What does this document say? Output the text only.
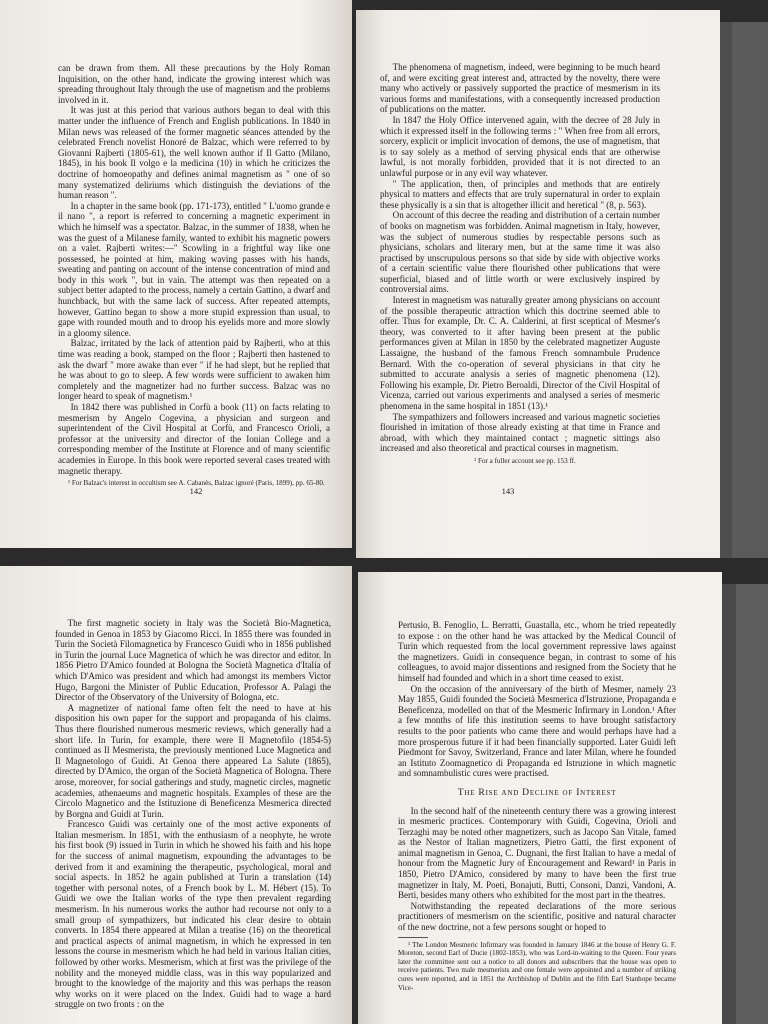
can be drawn from them. All these precautions by the Holy Roman Inquisition, on the other hand, indicate the growing interest which was spreading throughout Italy through the use of magnetism and the problems involved in it.

It was just at this period that various authors began to deal with this matter under the influence of French and English publications. In 1840 in Milan news was released of the former magnetic séances attended by the celebrated French novelist Honoré de Balzac, which were referred to by Giovanni Rajberti (1805-61), the well known author if Il Gatto (Milano, 1845), in his book Il volgo e la medicina (10) in which he criticizes the doctrine of homoeopathy and defines animal magnetism as " one of so many systematized deliriums which distinguish the deviations of the human reason ".

In a chapter in the same book (pp. 171-173), entitled " L'uomo grande e il nano ", a report is referred to concerning a magnetic experiment in which he himself was a spectator. Balzac, in the summer of 1838, when he was the guest of a Milanese family, wanted to exhibit his magnetic powers on a valet. Rajberti writes:—" Scowling in a frightful way like one possessed, he pointed at him, making waving passes with his hands, sweating and panting on account of the intense concentration of mind and body in this work ", but in vain. The attempt was then repeated on a subject better adapted to the process, namely a certain Gattino, a dwarf and hunchback, but with the same lack of success. After repeated attempts, however, Gattino began to show a more stupid expression than usual, to gape with rounded mouth and to droop his eyelids more and more slowly in a gloomy silence.

Balzac, irritated by the lack of attention paid by Rajberti, who at this time was reading a book, stamped on the floor ; Rajberti then hastened to ask the dwarf " more awake than ever " if he had slept, but he replied that he was about to go to sleep. A few words were sufficient to awaken him completely and the magnetizer had no further success. Balzac was no longer heard to speak of magnetism.¹

In 1842 there was published in Corfù a book (11) on facts relating to mesmerism by Angelo Cogevina, a physician and surgeon and superintendent of the Civil Hospital at Corfù, and Francesco Orioli, a professor at the university and director of the Ionian College and a corresponding member of the Institute at Florence and of many scientific academies in Europe. In this book were reported several cases treated with magnetic therapy.

¹ For Balzac's interest in occultism see A. Cabanès, Balzac ignoré (Paris, 1899), pp. 65-80.
142

The phenomena of magnetism, indeed, were beginning to be much heard of, and were exciting great interest and, attracted by the novelty, there were many who actively or passively supported the practice of mesmerism in its various forms and manifestations, with a consequently increased production of publications on the matter.

In 1847 the Holy Office intervened again, with the decree of 28 July in which it expressed itself in the following terms : " When free from all errors, sorcery, explicit or implicit invocation of demons, the use of magnetism, that is to say solely as a method of serving physical ends that are otherwise lawful, is not morally forbidden, provided that it is not directed to an unlawful purpose or in any evil way whatever.

" The application, then, of principles and methods that are entirely physical to matters and effects that are truly supernatural in order to explain these physically is a sin that is altogether illicit and heretical " (8, p. 563).

On account of this decree the reading and distribution of a certain number of books on magnetism was forbidden. Animal magnetism in Italy, however, was the subject of numerous studies by respectable persons such as physicians, scholars and literary men, but at the same time it was also practised by unscrupulous persons so that side by side with objective works of a certain scientific value there flourished other publications that were superficial, biased and of little worth or were exclusively inspired by controversial aims.

Interest in magnetism was naturally greater among physicians on account of the possible therapeutic attraction which this doctrine seemed able to offer. Thus for example, Dr. C. A. Calderini, at first sceptical of Mesmer's theory, was converted to it after having been present at the public performances given at Milan in 1850 by the celebrated magnetizer Auguste Lassaigne, the husband of the famous French somnambule Prudence Bernard. With the co-operation of several physicians in that city he submitted to accurate analysis a series of magnetic phenomena (12). Following his example, Dr. Pietro Beroaldi, Director of the Civil Hospital of Vicenza, carried out various experiments and analysed a series of mesmeric phenomena in the same hospital in 1851 (13).¹

The sympathizers and followers increased and various magnetic societies flourished in imitation of those already existing at that time in France and abroad, with which they maintained contact ; magnetic sittings also increased and also theoretical and practical courses in magnetism.

¹ For a fuller account see pp. 153 ff.
143

The first magnetic society in Italy was the Società Bio-Magnetica, founded in Genoa in 1853 by Giacomo Ricci. In 1855 there was founded in Turin the Società Filomagnetica by Francesco Guidi who in 1856 published in Turin the journal Luce Magnetica of which he was director and editor. In 1856 Pietro D'Amico founded at Bologna the Società Magnetica d'Italia of which D'Amico was president and which had amongst its members Victor Hugo, Bargoni the Minister of Public Education, Professor A. Palagi the Director of the Observatory of the University of Bologna, etc.

A magnetizer of national fame often felt the need to have at his disposition his own paper for the support and propaganda of his claims. Thus there flourished numerous mesmeric reviews, which generally had a short life. In Turin, for example, there were Il Magnetofilo (1854-5) continued as Il Mesmerista, the previously mentioned Luce Magnetica and Il Magnetologo of Guidi. At Genoa there appeared La Salute (1865), directed by D'Amico, the organ of the Società Magnetica of Bologna. There arose, moreover, for social gatherings and study, magnetic circles, magnetic academies, athenaeums and magnetic hospitals. Examples of these are the Circolo Magnetico and the Istituzione di Beneficenza Mesmerica directed by Borgna and Guidi at Turin.

Francesco Guidi was certainly one of the most active exponents of Italian mesmerism. In 1851, with the enthusiasm of a neophyte, he wrote his first book (9) issued in Turin in which he showed his faith and his hope for the success of animal magnetism, expounding the advantages to be derived from it and examining the therapeutic, psychological, moral and social aspects. In 1852 he again published at Turin a translation (14) together with personal notes, of a French book by L. M. Hébert (15). To Guidi we owe the Italian works of the type then prevalent regarding mesmerism. In his numerous works the author had recourse not only to a small group of sympathizers, but indicated his clear desire to obtain converts. In 1854 there appeared at Milan a treatise (16) on the theoretical and practical aspects of animal magnetism, in which he expressed in ten lessons the course in mesmerism which he had held in various Italian cities, followed by other works. Mesmerism, which at first was the privilege of the nobility and the moneyed middle class, was in this way popularized and brought to the knowledge of the majority and this was perhaps the reason why works on it were placed on the Index. Guidi had to wage a hard struggle on two fronts : on the

Pertusio, B. Fenoglio, L. Berratti, Guastalla, etc., whom he tried repeatedly to expose : on the other hand he was attacked by the Medical Council of Turin which requested from the local government repressive laws against the magnetizers. Guidi in consequence began, in contrast to some of his colleagues, to avoid major dissentions and resigned from the Society that he himself had founded and which in a short time ceased to exist.

On the occasion of the anniversary of the birth of Mesmer, namely 23 May 1855, Guidi founded the Società Mesmerica d'Istruzione, Propaganda e Beneficenza, modelled on that of the Mesmeric Infirmary in London.¹ After a few months of life this institution seems to have brought satisfactory results to the poor patients who came there and would perhaps have had a more prosperous future if it had been financially supported. Later Guidi left Piedmont for Savoy, Switzerland, France and later Milan, where he founded an Istituto Zoomagnetico di Propaganda ed Istruzione in which magnetic and somnambulistic cures were practised.

The Rise and Decline of Interest

In the second half of the nineteenth century there was a growing interest in mesmeric practices. Contemporary with Guidi, Cogevina, Orioli and Terzaghi may be noted other magnetizers, such as Jacopo San Vitale, famed as the Nestor of Italian magnetizers, Pietro Gatti, the first exponent of animal magnetism in Genoa, C. Dugnani, the first Italian to have a medal of honour from the Magnetic Jury of Encouragement and Reward¹ in Paris in 1850, Pietro D'Amico, considered by many to have been the first true magnetizer in Italy, M. Poeti, Bonajuti, Butti, Consoni, Danzi, Vandoni, A. Berti, besides many others who exhibited for the most part in the theatres.

Notwithstanding the repeated declarations of the more serious practitioners of mesmerism on the scientific, positive and natural character of the new doctrine, not a few persons sought or hoped to

¹ The London Mesmeric Infirmary was founded in January 1846 at the house of Henry G. F. Moreton, second Earl of Ducie (1802-1853), who was Lord-in-waiting to the Queen. Four years later the committee sent out a notice to all donors and subscribers that the house was open to receive patients. Two male mesmerists and one female were appointed and a number of striking cures were reported, and in 1851 the Archbishop of Dublin and the fifth Earl Stanhope became Vice-
